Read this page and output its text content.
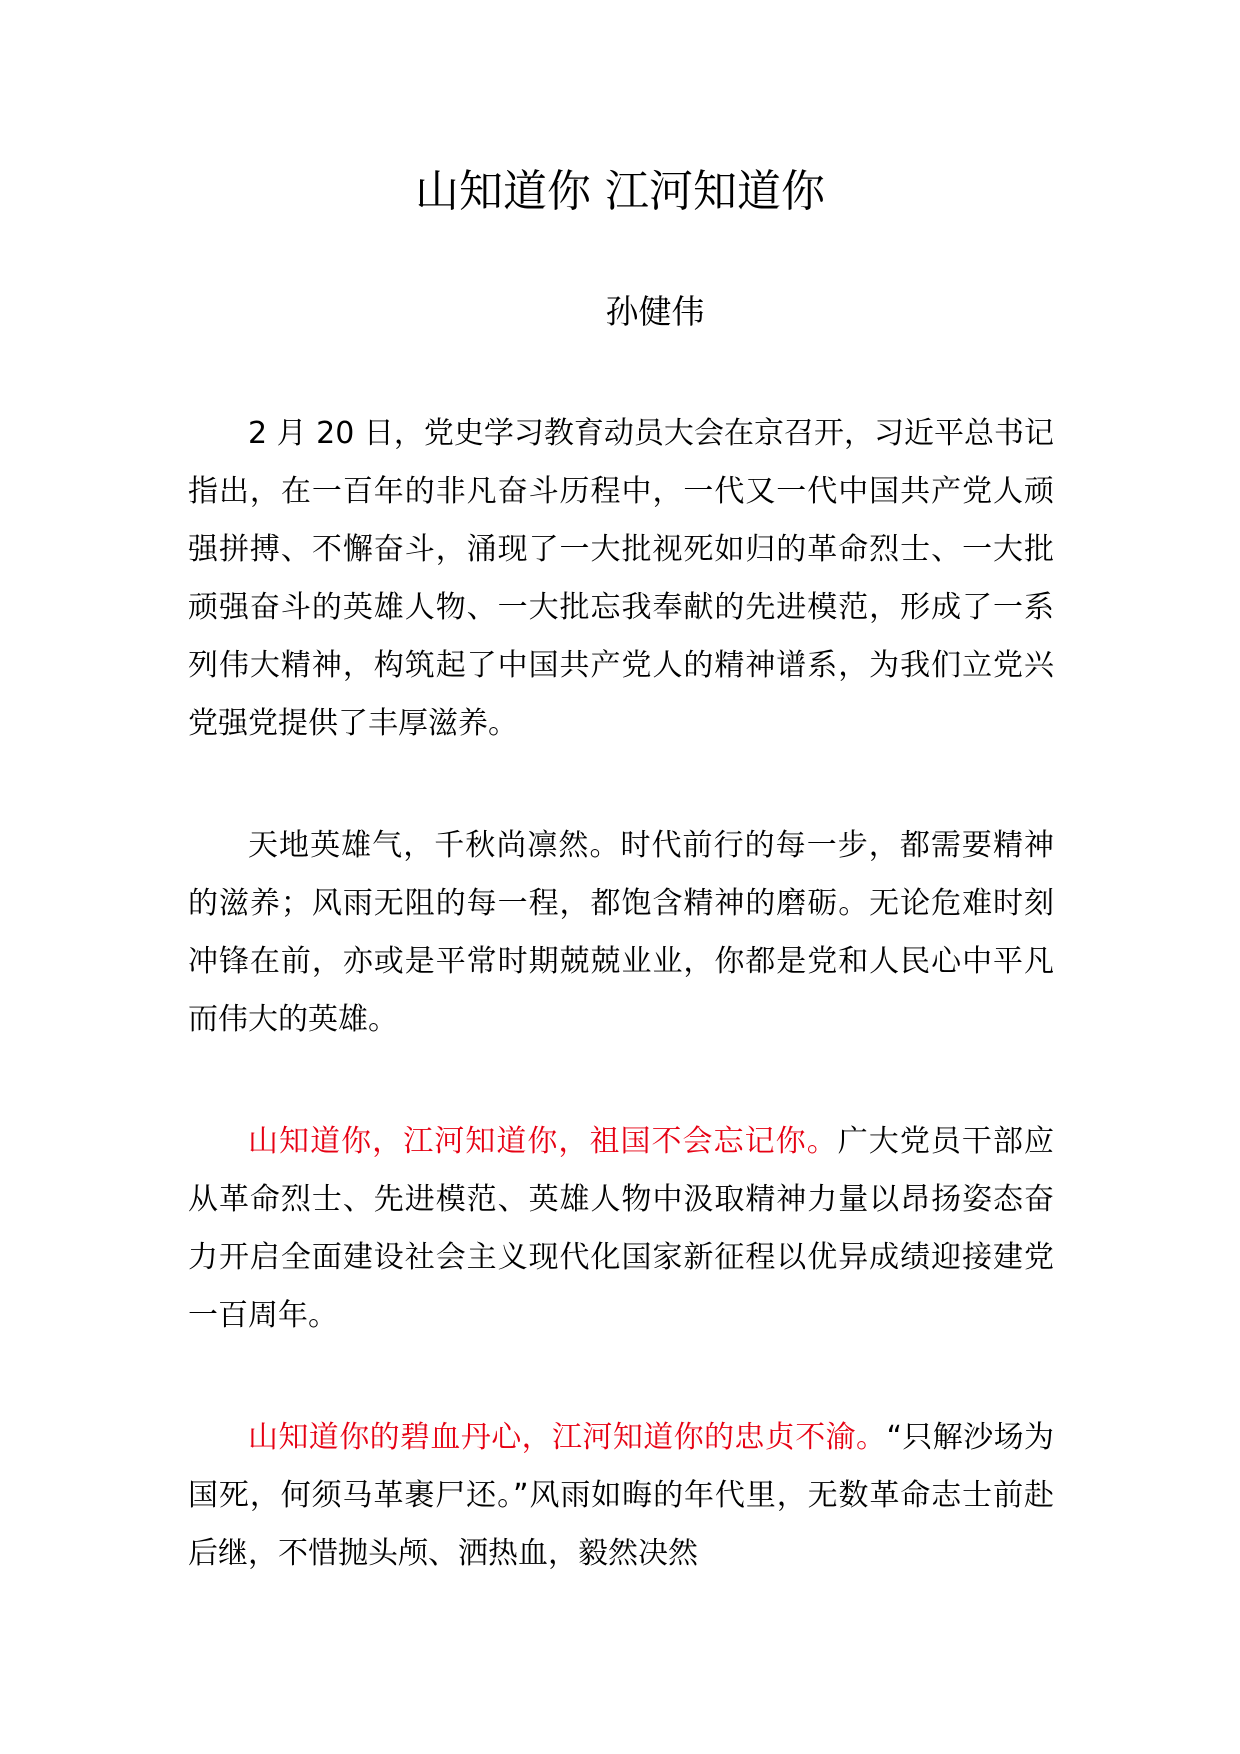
山知道你 江河知道你
孙健伟

2 月 20 日，党史学习教育动员大会在京召开，习近平总书记指出，在一百年的非凡奋斗历程中，一代又一代中国共产党人顽强拼搏、不懈奋斗，涌现了一大批视死如归的革命烈士、一大批顽强奋斗的英雄人物、一大批忘我奉献的先进模范，形成了一系列伟大精神，构筑起了中国共产党人的精神谱系，为我们立党兴党强党提供了丰厚滋养。

天地英雄气，千秋尚凛然。时代前行的每一步，都需要精神的滋养；风雨无阻的每一程，都饱含精神的磨砺。无论危难时刻冲锋在前，亦或是平常时期兢兢业业，你都是党和人民心中平凡而伟大的英雄。

山知道你，江河知道你，祖国不会忘记你。广大党员干部应从革命烈士、先进模范、英雄人物中汲取精神力量以昂扬姿态奋力开启全面建设社会主义现代化国家新征程以优异成绩迎接建党一百周年。

山知道你的碧血丹心，江河知道你的忠贞不渝。“只解沙场为国死，何须马革裹尸还。”风雨如晦的年代里，无数革命志士前赴后继，不惜抛头颅、洒热血，毅然决然
